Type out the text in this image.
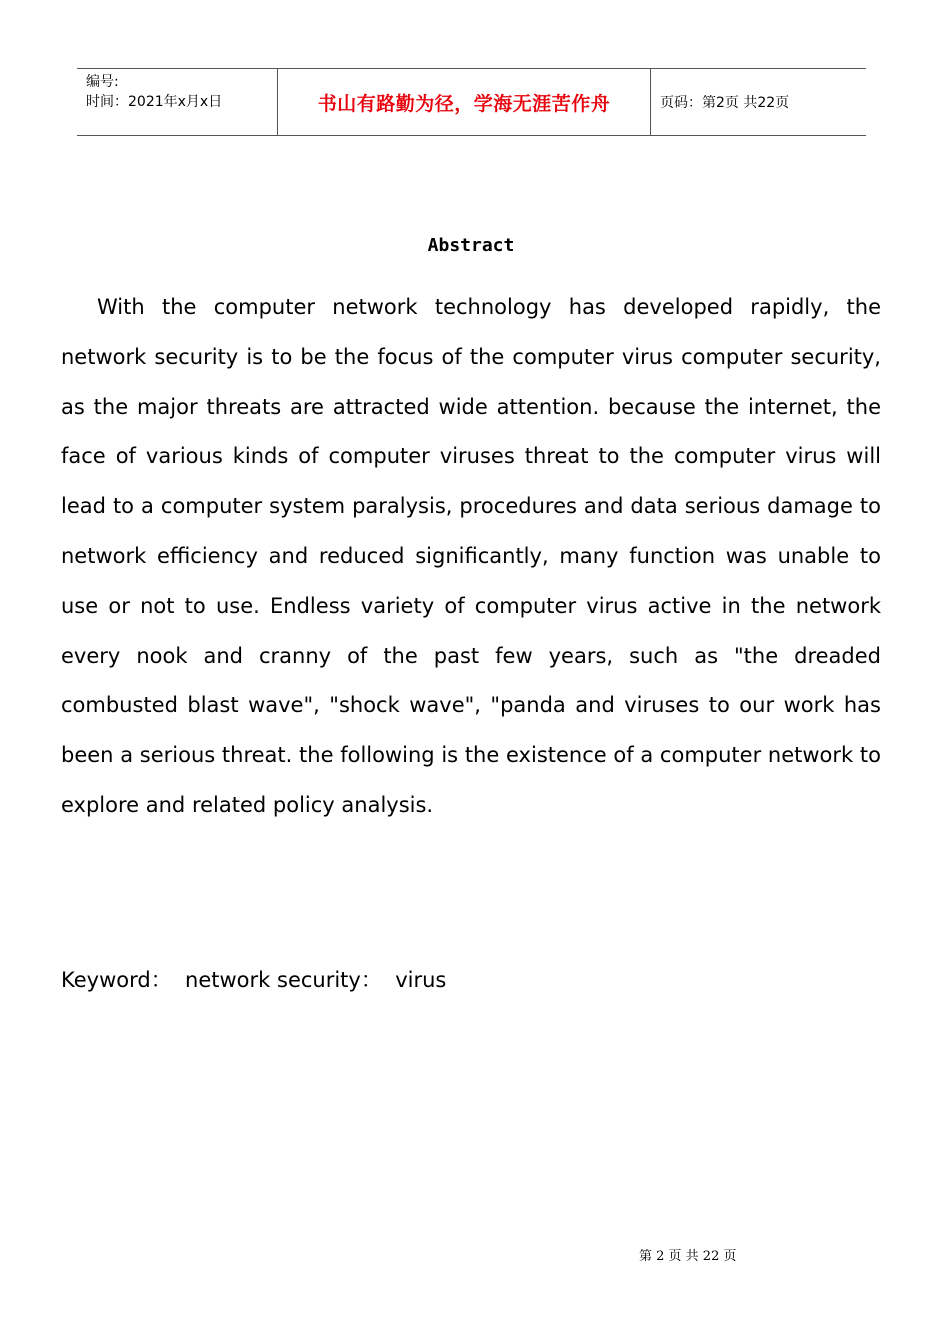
编号:
时间：2021年x月x日	书山有路勤为径，学海无涯苦作舟	页码：第2页 共22页
Abstract

With the computer network technology has developed rapidly, the network security is to be the focus of the computer virus computer security, as the major threats are attracted wide attention. because the internet, the face of various kinds of computer viruses threat to the computer virus will lead to a computer system paralysis, procedures and data serious damage to network efficiency and reduced significantly, many function was unable to use or not to use. Endless variety of computer virus active in the network every nook and cranny of the past few years, such as "the dreaded combusted blast wave", "shock wave", "panda and viruses to our work has been a serious threat. the following is the existence of a computer network to explore and related policy analysis.

Keyword：  network security：  virus
第 2 页 共 22 页
